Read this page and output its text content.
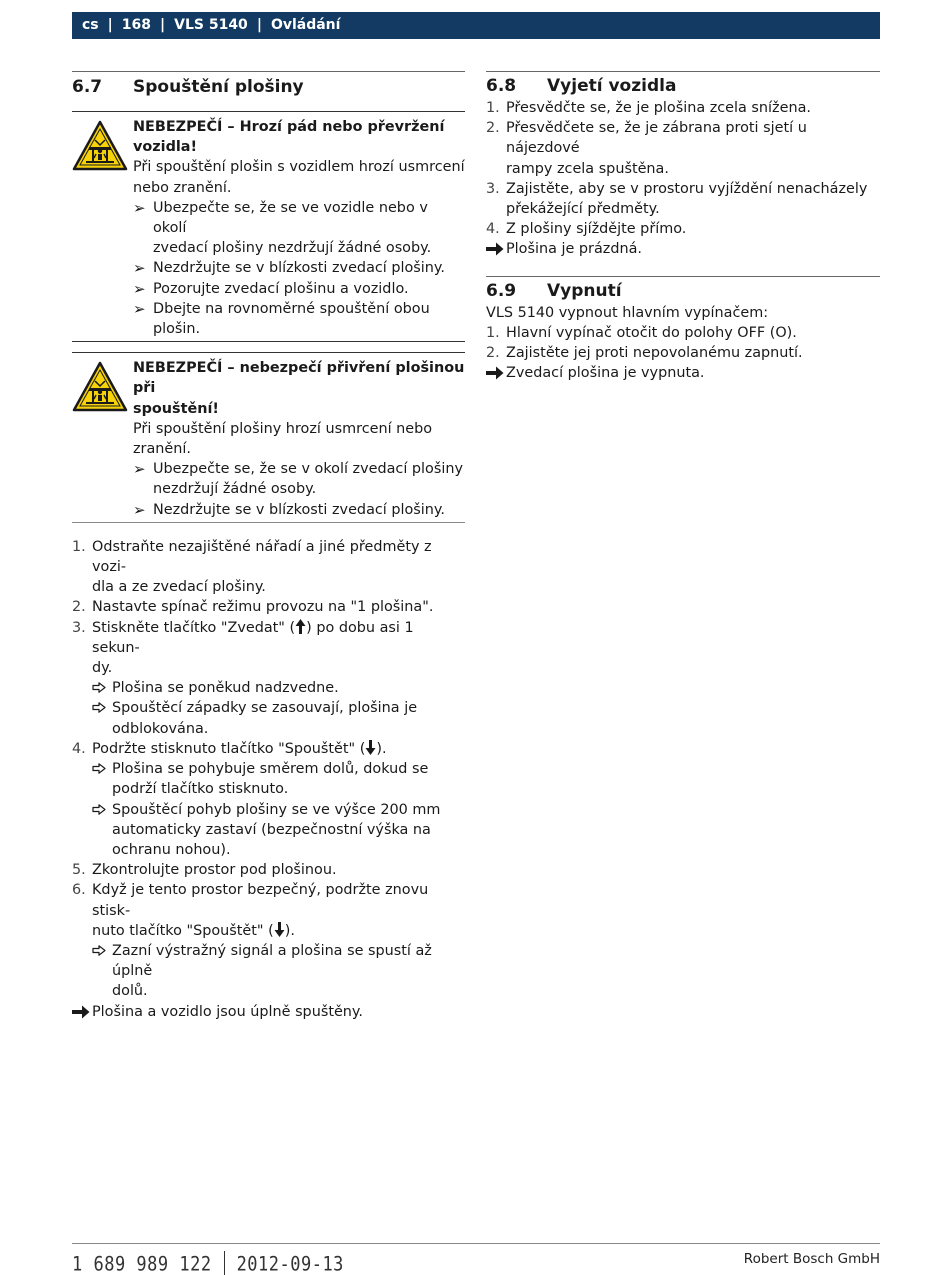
cs | 168 | VLS 5140 | Ovládání
6.7	Spouštění plošiny
NEBEZPEČÍ – Hrozí pád nebo převržení
vozidla!
Při spouštění plošin s vozidlem hrozí usmrcení
nebo zranění.
➢ Ubezpečte se, že se ve vozidle nebo v okolí
zvedací plošiny nezdržují žádné osoby.
➢ Nezdržujte se v blízkosti zvedací plošiny.
➢ Pozorujte zvedací plošinu a vozidlo.
➢ Dbejte na rovnoměrné spouštění obou
plošin.
NEBEZPEČÍ – nebezpečí přivření plošinou při
spouštění!
Při spouštění plošiny hrozí usmrcení nebo
zranění.
➢ Ubezpečte se, že se v okolí zvedací plošiny
nezdržují žádné osoby.
➢ Nezdržujte se v blízkosti zvedací plošiny.
1. Odstraňte nezajištěné nářadí a jiné předměty z vozi-
dla a ze zvedací plošiny.
2. Nastavte spínač režimu provozu na "1 plošina".
3. Stiskněte tlačítko "Zvedat" ( ) po dobu asi 1 sekun-
dy.
Plošina se poněkud nadzvedne.
Spouštěcí západky se zasouvají, plošina je
odblokována.
4. Podržte stisknuto tlačítko "Spouštět" ( ).
Plošina se pohybuje směrem dolů, dokud se
podrží tlačítko stisknuto.
Spouštěcí pohyb plošiny se ve výšce 200 mm
automaticky zastaví (bezpečnostní výška na
ochranu nohou).
5. Zkontrolujte prostor pod plošinou.
6. Když je tento prostor bezpečný, podržte znovu stisk-
nuto tlačítko "Spouštět" ( ).
Zazní výstražný signál a plošina se spustí až úplně
dolů.
Plošina a vozidlo jsou úplně spuštěny.
6.8	Vyjetí vozidla
1. Přesvědčte se, že je plošina zcela snížena.
2. Přesvědčete se, že je zábrana proti sjetí u nájezdové
rampy zcela spuštěna.
3. Zajistěte, aby se v prostoru vyjíždění nenacházely
překážející předměty.
4. Z plošiny sjíždějte přímo.
Plošina je prázdná.
6.9	Vypnutí
VLS 5140 vypnout hlavním vypínačem:
1. Hlavní vypínač otočit do polohy OFF (O).
2. Zajistěte jej proti nepovolanému zapnutí.
Zvedací plošina je vypnuta.
1 689 989 122 2012-09-13	Robert Bosch GmbH
